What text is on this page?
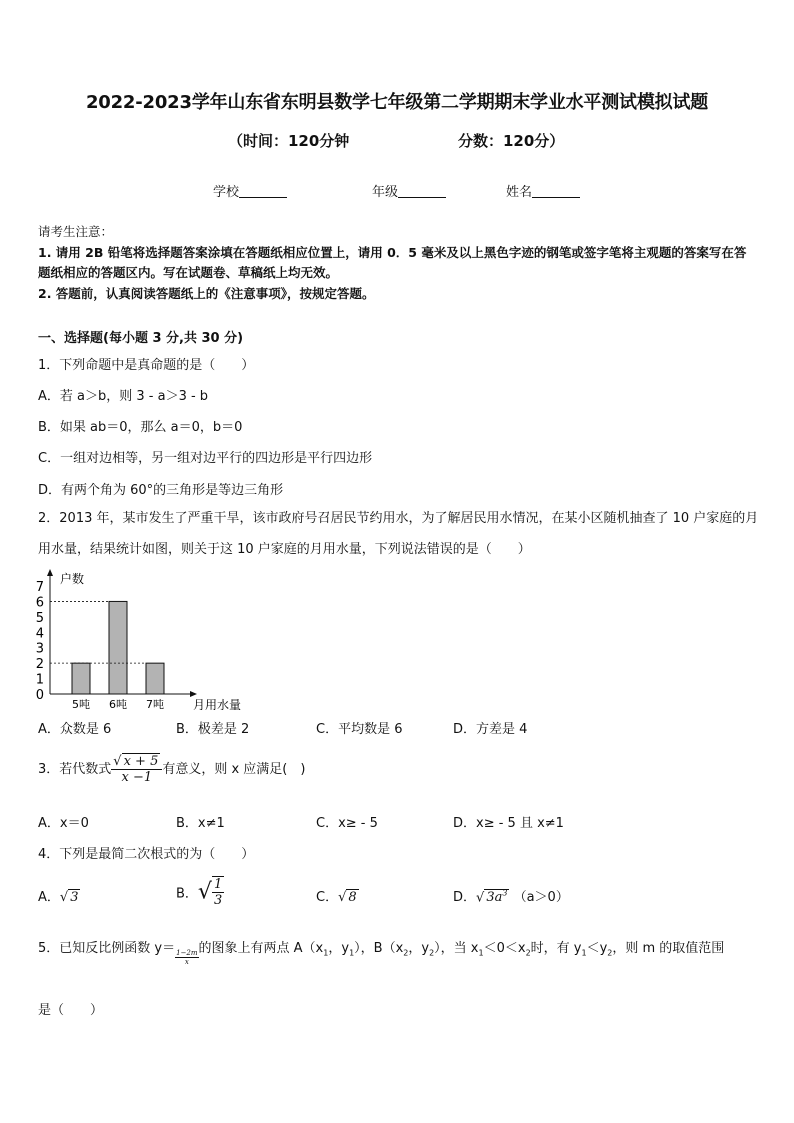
2022-2023学年山东省东明县数学七年级第二学期期末学业水平测试模拟试题
（时间：120分钟	分数：120分）
学校	年级	姓名
请考生注意：
1. 请用 2B 铅笔将选择题答案涂填在答题纸相应位置上，请用 0．5 毫米及以上黑色字迹的钢笔或签字笔将主观题的答案写在答题纸相应的答题区内。写在试题卷、草稿纸上均无效。
2. 答题前，认真阅读答题纸上的《注意事项》，按规定答题。
一、选择题(每小题 3 分,共 30 分)
1．下列命题中是真命题的是（　　）
A．若 a＞b，则 3 - a＞3 - b
B．如果 ab＝0，那么 a＝0，b＝0
C．一组对边相等，另一组对边平行的四边形是平行四边形
D．有两个角为 60°的三角形是等边三角形
2．2013 年，某市发生了严重干旱，该市政府号召居民节约用水，为了解居民用水情况，在某小区随机抽查了 10 户家庭的月用水量，结果统计如图，则关于这 10 户家庭的月用水量，下列说法错误的是（　　）
0
1
2
3
4
5
6
7
户数
月用水量
5吨 6吨 7吨
A．众数是 6	B．极差是 2	C．平均数是 6	D．方差是 4
3．若代数式 $\frac{√ x + 5}{x -1}$ 有意义，则 x 应满足(　)
A．x＝0	B．x≠1	C．x≥ - 5	D．x≥ - 5 且 x≠1
4．下列是最简二次根式的为（　　）
A．√ 3	B．√ $\frac{1}{3}$	C．√ 8	D．√ $3a^3$ （a＞0）
5．已知反比例函数 y＝
$\frac{1-2m}{x}$
的图象上有两点 $A(x_1$，$y_1$），$B(x_2$，$y_2$），当 $x_1<0<x_2$时，有 $y_1<y_2$，则 m 的取值范围
是（　　）
